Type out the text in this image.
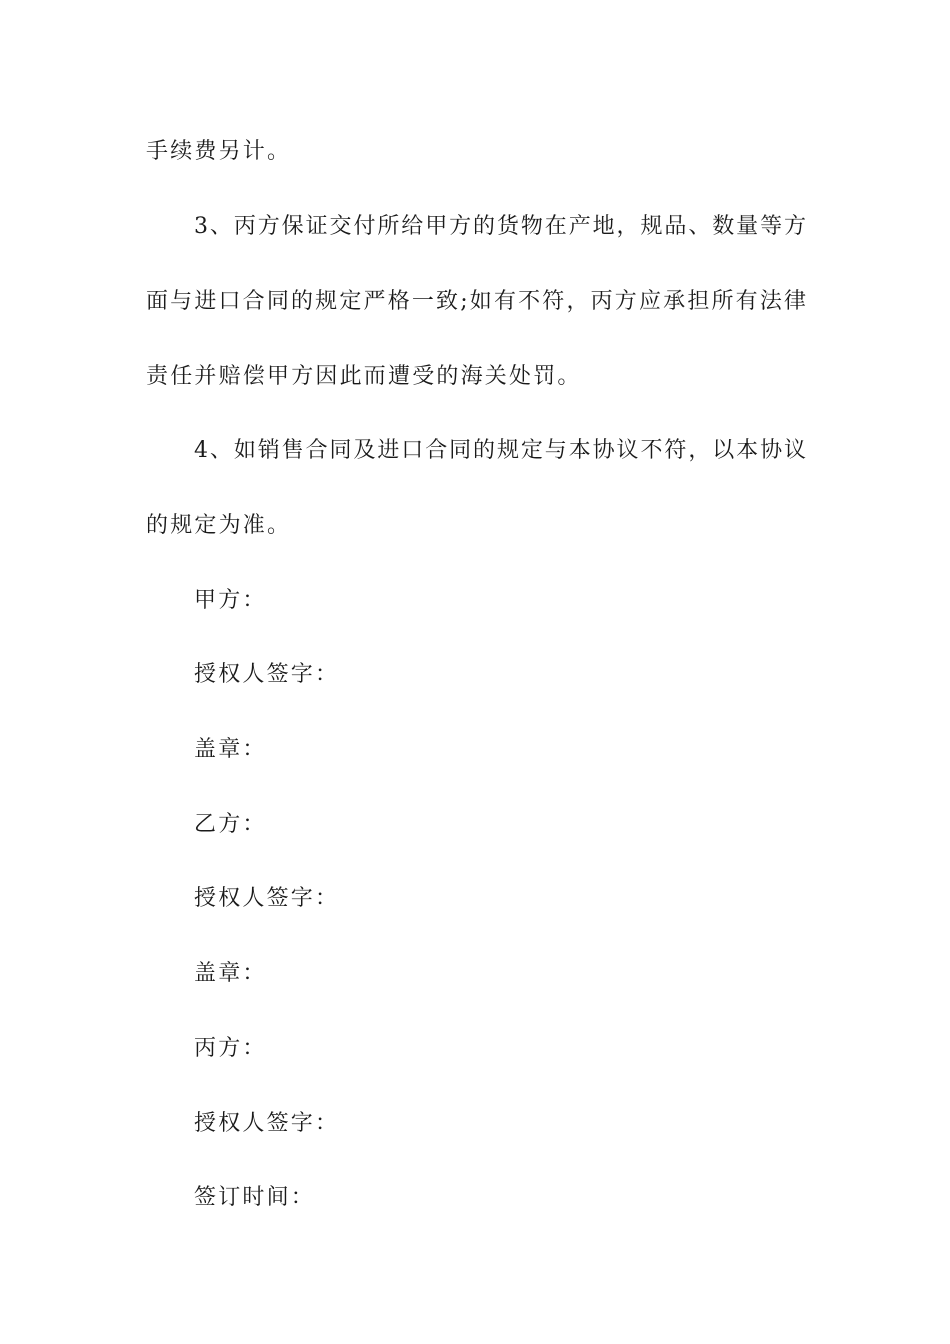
手续费另计。
3、丙方保证交付所给甲方的货物在产地，规品、数量等方
面与进口合同的规定严格一致;如有不符，丙方应承担所有法律
责任并赔偿甲方因此而遭受的海关处罚。
4、如销售合同及进口合同的规定与本协议不符，以本协议
的规定为准。
甲方：
授权人签字：
盖章：
乙方：
授权人签字：
盖章：
丙方：
授权人签字：
签订时间：
